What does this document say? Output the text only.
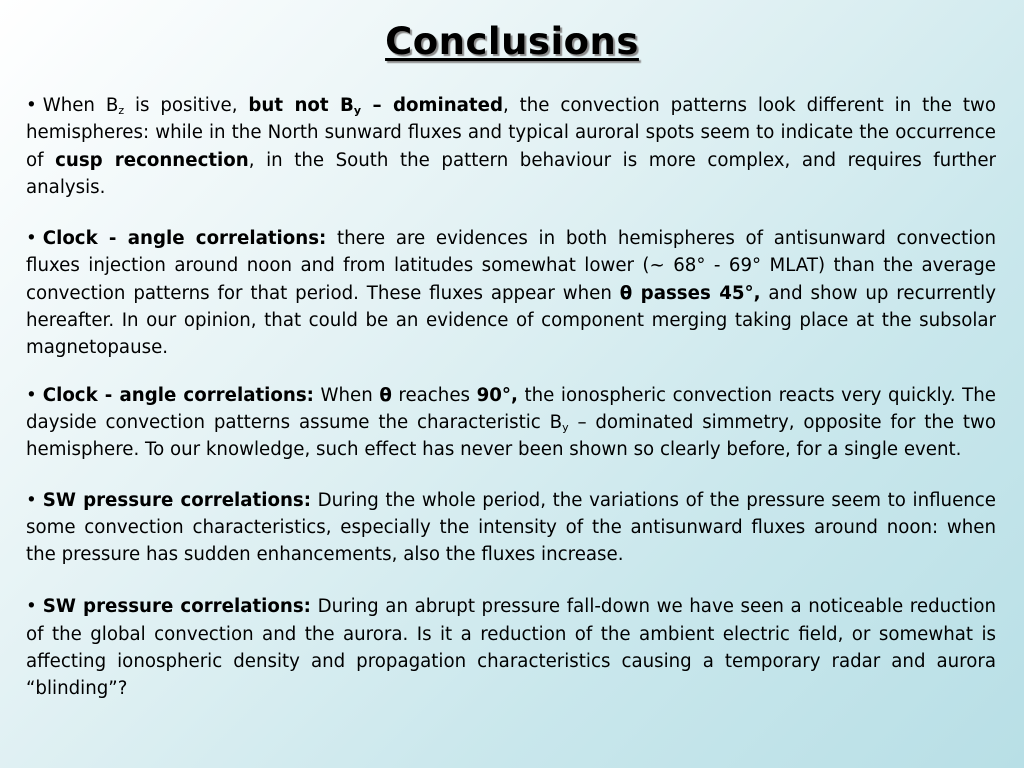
Conclusions

• When $B_z$ is positive, but not $B_y$ – dominated, the convection patterns look different in the two hemispheres: while in the North sunward fluxes and typical auroral spots seem to indicate the occurrence of cusp reconnection, in the South the pattern behaviour is more complex, and requires further analysis.

• Clock - angle correlations: there are evidences in both hemispheres of antisunward convection fluxes injection around noon and from latitudes somewhat lower (~ 68° - 69° MLAT) than the average convection patterns for that period. These fluxes appear when θ passes 45°, and show up recurrently hereafter. In our opinion, that could be an evidence of component merging taking place at the subsolar magnetopause.

• Clock - angle correlations: When θ reaches 90°, the ionospheric convection reacts very quickly. The dayside convection patterns assume the characteristic $B_y$ – dominated simmetry, opposite for the two hemisphere. To our knowledge, such effect has never been shown so clearly before, for a single event.

• SW pressure correlations: During the whole period, the variations of the pressure seem to influence some convection characteristics, especially the intensity of the antisunward fluxes around noon: when the pressure has sudden enhancements, also the fluxes increase.

• SW pressure correlations: During an abrupt pressure fall-down we have seen a noticeable reduction of the global convection and the aurora. Is it a reduction of the ambient electric field, or somewhat is affecting ionospheric density and propagation characteristics causing a temporary radar and aurora “blinding”?
